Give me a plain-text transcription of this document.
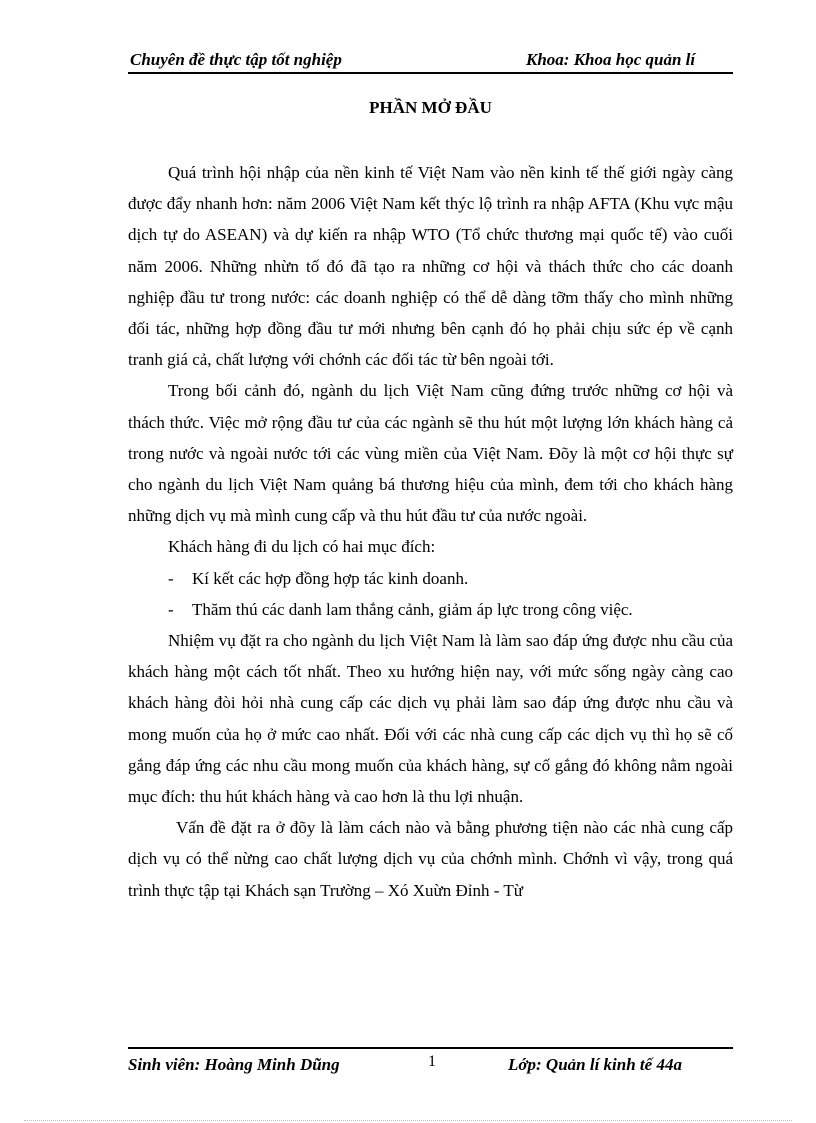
Chuyên đề thực tập tốt nghiệp	Khoa: Khoa học quản lí
PHẦN MỞ ĐẦU

Quá trình hội nhập của nền kinh tế Việt Nam vào nền kinh tế thế giới ngày càng được đẩy nhanh hơn: năm 2006 Việt Nam kết thýc lộ trình ra nhập AFTA (Khu vực mậu dịch tự do ASEAN) và dự kiến ra nhập WTO (Tổ chức thương mại quốc tế) vào cuối năm 2006. Những nhừn tố đó đã tạo ra những cơ hội và thách thức cho các doanh nghiệp đầu tư trong nước: các doanh nghiệp có thể dễ dàng tỡm thấy cho mình những đối tác, những hợp đồng đầu tư mới nhưng bên cạnh đó họ phải chịu sức ép về cạnh tranh giá cả, chất lượng với chớnh các đối tác từ bên ngoài tới.

Trong bối cảnh đó, ngành du lịch Việt Nam cũng đứng trước những cơ hội và thách thức. Việc mở rộng đầu tư của các ngành sẽ thu hút một lượng lớn khách hàng cả trong nước và ngoài nước tới các vùng miền của Việt Nam. Đõy là một cơ hội thực sự cho ngành du lịch Việt Nam quảng bá thương hiệu của mình, đem tới cho khách hàng những dịch vụ mà mình cung cấp và thu hút đầu tư của nước ngoài.

Khách hàng đi du lịch có hai mục đích:

- Kí kết các hợp đồng hợp tác kinh doanh.

- Thăm thú các danh lam thắng cảnh, giảm áp lực trong công việc.

Nhiệm vụ đặt ra cho ngành du lịch Việt Nam là làm sao đáp ứng được nhu cầu của khách hàng một cách tốt nhất. Theo xu hướng hiện nay, với mức sống ngày càng cao khách hàng đòi hỏi nhà cung cấp các dịch vụ phải làm sao đáp ứng được nhu cầu và mong muốn của họ ở mức cao nhất. Đối với các nhà cung cấp các dịch vụ thì họ sẽ cố gắng đáp ứng các nhu cầu mong muốn của khách hàng, sự cố gắng đó không nằm ngoài mục đích: thu hút khách hàng và cao hơn là thu lợi nhuận.

Vấn đề đặt ra ở đõy là làm cách nào và bằng phương tiện nào các nhà cung cấp dịch vụ có thể nừng cao chất lượng dịch vụ của chớnh mình. Chớnh vì vậy, trong quá trình thực tập tại Khách sạn Trường – Xó Xuừn Đỉnh - Từ

Sinh viên: Hoàng Minh Dũng	1	Lớp: Quản lí kinh tế 44a
